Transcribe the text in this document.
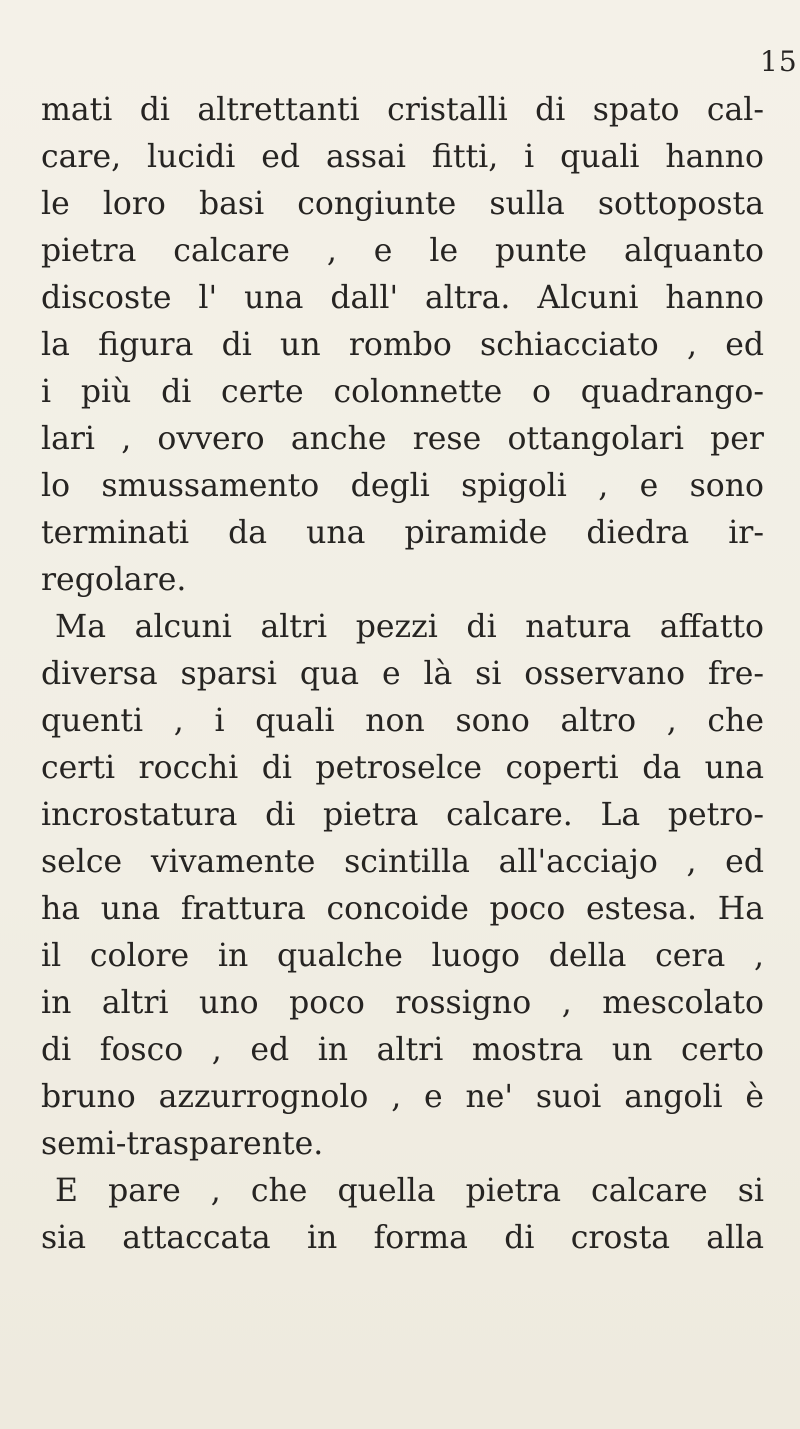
15
mati di altrettanti cristalli di spato cal-
care, lucidi ed assai fitti, i quali hanno
le loro basi congiunte sulla sottoposta
pietra calcare , e le punte alquanto
discoste l' una dall' altra. Alcuni hanno
la figura di un rombo schiacciato , ed
i più di certe colonnette o quadrango-
lari , ovvero anche rese ottangolari per
lo smussamento degli spigoli , e sono
terminati da una piramide diedra ir-
regolare.
Ma alcuni altri pezzi di natura affatto
diversa sparsi qua e là si osservano fre-
quenti , i quali non sono altro , che
certi rocchi di petroselce coperti da una
incrostatura di pietra calcare. La petro-
selce vivamente scintilla all'acciajo , ed
ha una frattura concoide poco estesa. Ha
il colore in qualche luogo della cera ,
in altri uno poco rossigno , mescolato
di fosco , ed in altri mostra un certo
bruno azzurrognolo , e ne' suoi angoli è
semi-trasparente.
E pare , che quella pietra calcare si
sia attaccata in forma di crosta alla
